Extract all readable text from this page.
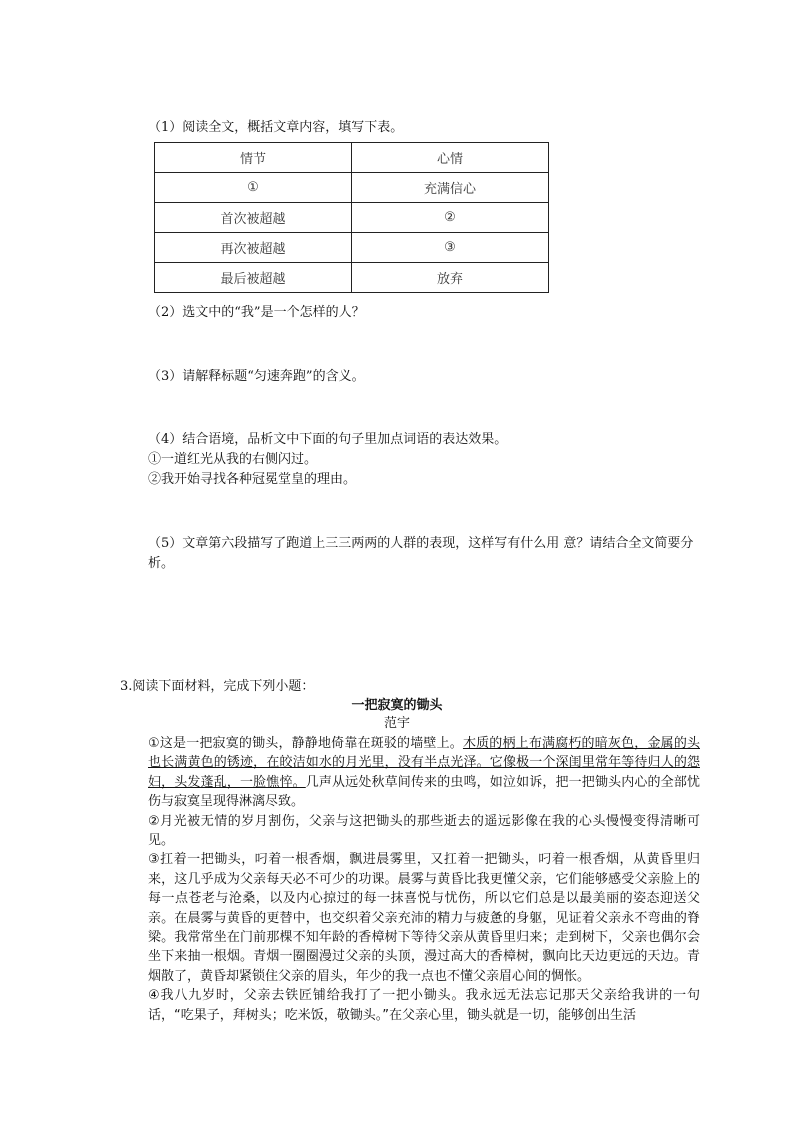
（1）阅读全文，概括文章内容，填写下表。
情节	心情
①	充满信心
首次被超越	②
再次被超越	③
最后被超越	放弃
（2）选文中的“我”是一个怎样的人？
（3）请解释标题“匀速奔跑”的含义。
（4）结合语境，品析文中下面的句子里加点词语的表达效果。
①一道红光从我的右侧闪过。
②我开始寻找各种冠冕堂皇的理由。
（5）文章第六段描写了跑道上三三两两的人群的表现，这样写有什么用 意？请结合全文简要分析。
3.阅读下面材料，完成下列小题：
一把寂寞的锄头
范宇

①这是一把寂寞的锄头，静静地倚靠在斑驳的墙壁上。木质的柄上布满腐朽的暗灰色，金属的头也长满黄色的锈迹，在皎洁如水的月光里，没有半点光泽。它像极一个深闺里常年等待归人的怨妇，头发蓬乱，一脸憔悴。几声从远处秋草间传来的虫鸣，如泣如诉，把一把锄头内心的全部忧伤与寂寞呈现得淋漓尽致。

②月光被无情的岁月割伤，父亲与这把锄头的那些逝去的遥远影像在我的心头慢慢变得清晰可见。

③扛着一把锄头，叼着一根香烟，飘进晨雾里，又扛着一把锄头，叼着一根香烟，从黄昏里归来，这几乎成为父亲每天必不可少的功课。晨雾与黄昏比我更懂父亲，它们能够感受父亲脸上的每一点苍老与沧桑，以及内心掠过的每一抹喜悦与忧伤，所以它们总是以最美丽的姿态迎送父亲。在晨雾与黄昏的更替中，也交织着父亲充沛的精力与疲惫的身躯，见证着父亲永不弯曲的脊梁。我常常坐在门前那棵不知年龄的香樟树下等待父亲从黄昏里归来；走到树下，父亲也偶尔会坐下来抽一根烟。青烟一圈圈漫过父亲的头顶，漫过高大的香樟树，飘向比天边更远的天边。青烟散了，黄昏却紧锁住父亲的眉头，年少的我一点也不懂父亲眉心间的惆怅。

④我八九岁时，父亲去铁匠铺给我打了一把小锄头。我永远无法忘记那天父亲给我讲的一句话，“吃果子，拜树头；吃米饭，敬锄头。”在父亲心里，锄头就是一切，能够创出生活
